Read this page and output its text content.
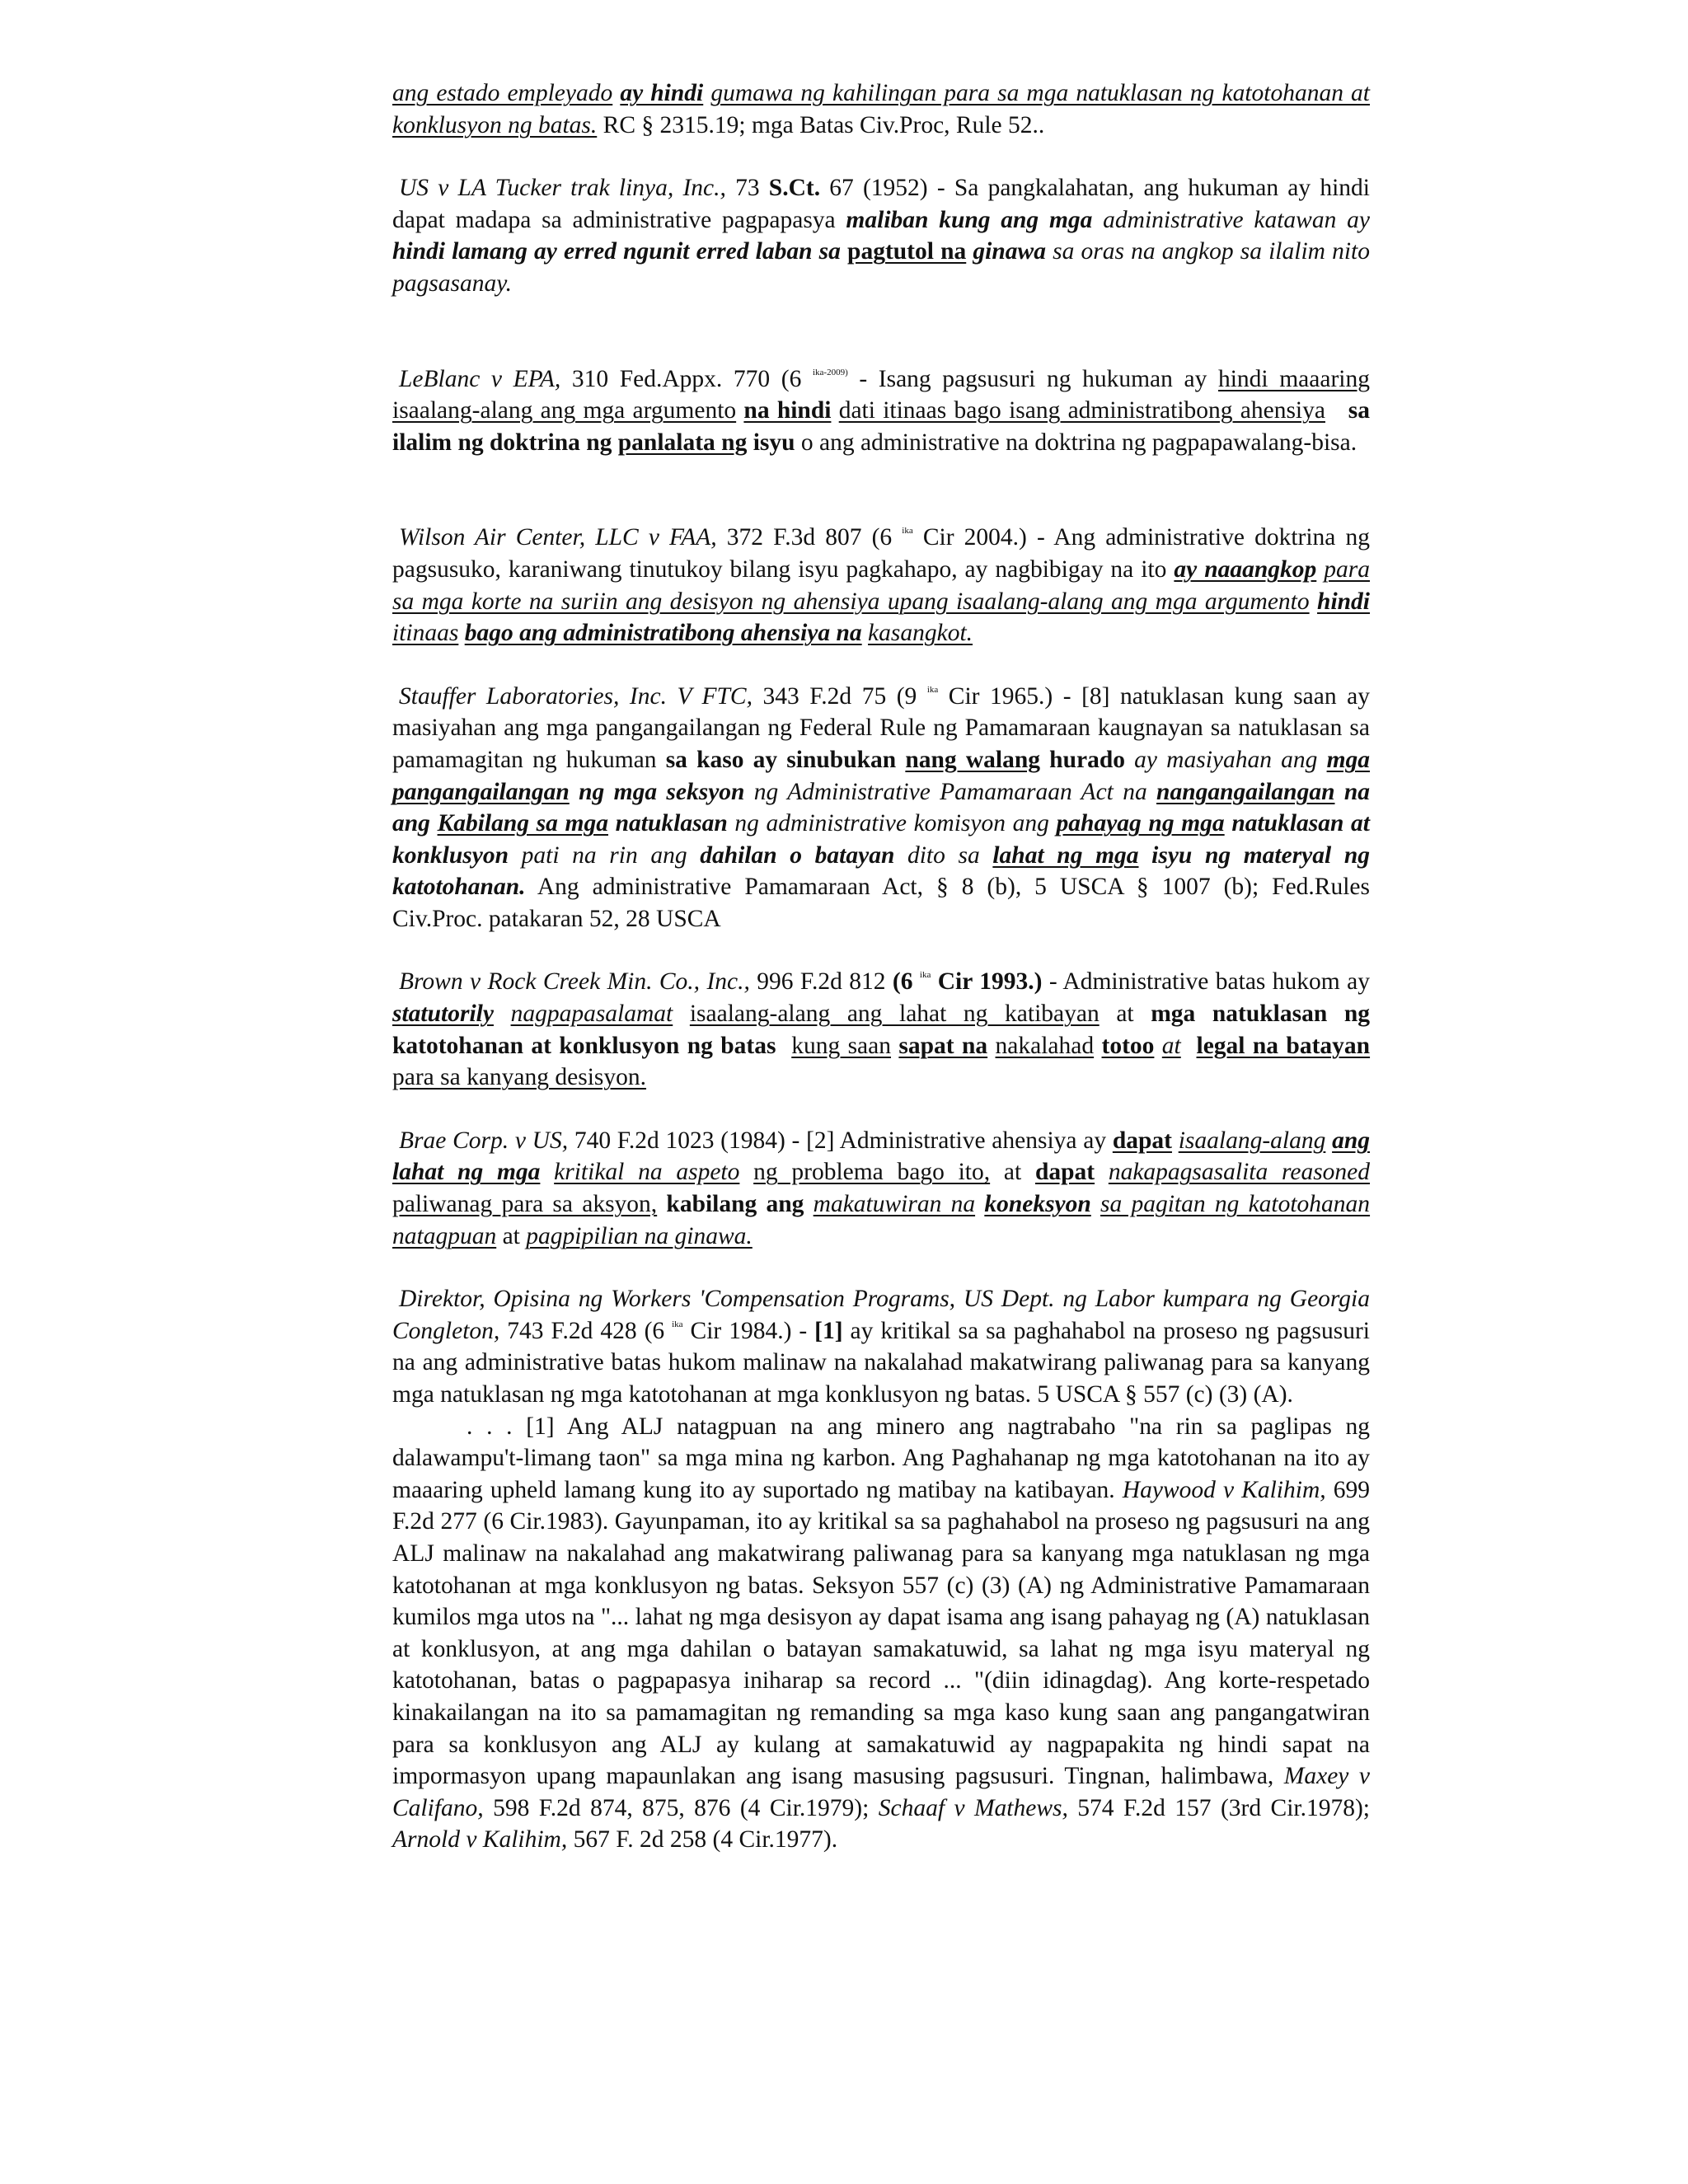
ang estado empleyado ay hindi gumawa ng kahilingan para sa mga natuklasan ng katotohanan at konklusyon ng batas. RC § 2315.19; mga Batas Civ.Proc, Rule 52..

US v LA Tucker trak linya, Inc., 73 S.Ct. 67 (1952) - Sa pangkalahatan, ang hukuman ay hindi dapat madapa sa administrative pagpapasya maliban kung ang mga administrative katawan ay hindi lamang ay erred ngunit erred laban sa pagtutol na ginawa sa oras na angkop sa ilalim nito pagsasanay.

LeBlanc v EPA, 310 Fed.Appx. 770 (6 $^{ika-2009)}$ - Isang pagsusuri ng hukuman ay hindi maaaring isaalang-alang ang mga argumento na hindi dati itinaas bago isang administratibong ahensiya sa ilalim ng doktrina ng panlalata ng isyu o ang administrative na doktrina ng pagpapawalang-bisa.

Wilson Air Center, LLC v FAA, 372 F.3d 807 (6 $^{ika}$ Cir 2004.) - Ang administrative doktrina ng pagsusuko, karaniwang tinutukoy bilang isyu pagkahapo, ay nagbibigay na ito ay naaangkop para sa mga korte na suriin ang desisyon ng ahensiya upang isaalang-alang ang mga argumento hindi itinaas bago ang administratibong ahensiya na kasangkot.

Stauffer Laboratories, Inc. V FTC, 343 F.2d 75 (9 $^{ika}$ Cir 1965.) - [8] natuklasan kung saan ay masiyahan ang mga pangangailangan ng Federal Rule ng Pamamaraan kaugnayan sa natuklasan sa pamamagitan ng hukuman sa kaso ay sinubukan nang walang hurado ay masiyahan ang mga pangangailangan ng mga seksyon ng Administrative Pamamaraan Act na nangangailangan na ang Kabilang sa mga natuklasan ng administrative komisyon ang pahayag ng mga natuklasan at konklusyon pati na rin ang dahilan o batayan dito sa lahat ng mga isyu ng materyal ng katotohanan. Ang administrative Pamamaraan Act, § 8 (b), 5 USCA § 1007 (b); Fed.Rules Civ.Proc. patakaran 52, 28 USCA

Brown v Rock Creek Min. Co., Inc., 996 F.2d 812 (6 $^{ika}$ Cir 1993.) - Administrative batas hukom ay statutorily nagpapasalamat isaalang-alang ang lahat ng katibayan at mga natuklasan ng katotohanan at konklusyon ng batas kung saan sapat na nakalahad totoo at legal na batayan para sa kanyang desisyon.

Brae Corp. v US, 740 F.2d 1023 (1984) - [2] Administrative ahensiya ay dapat isaalang-alang ang lahat ng mga kritikal na aspeto ng problema bago ito, at dapat nakapagsasalita reasoned paliwanag para sa aksyon, kabilang ang makatuwiran na koneksyon sa pagitan ng katotohanan natagpuan at pagpipilian na ginawa.

Direktor, Opisina ng Workers 'Compensation Programs, US Dept. ng Labor kumpara ng Georgia Congleton, 743 F.2d 428 (6 $^{ika}$ Cir 1984.) - [1] ay kritikal sa sa paghahabol na proseso ng pagsusuri na ang administrative batas hukom malinaw na nakalahad makatwirang paliwanag para sa kanyang mga natuklasan ng mga katotohanan at mga konklusyon ng batas. 5 USCA § 557 (c) (3) (A).

. . . [1] Ang ALJ natagpuan na ang minero ang nagtrabaho "na rin sa paglipas ng dalawampu't-limang taon" sa mga mina ng karbon. Ang Paghahanap ng mga katotohanan na ito ay maaaring upheld lamang kung ito ay suportado ng matibay na katibayan. Haywood v Kalihim, 699 F.2d 277 (6 Cir.1983). Gayunpaman, ito ay kritikal sa sa paghahabol na proseso ng pagsusuri na ang ALJ malinaw na nakalahad ang makatwirang paliwanag para sa kanyang mga natuklasan ng mga katotohanan at mga konklusyon ng batas. Seksyon 557 (c) (3) (A) ng Administrative Pamamaraan kumilos mga utos na "... lahat ng mga desisyon ay dapat isama ang isang pahayag ng (A) natuklasan at konklusyon, at ang mga dahilan o batayan samakatuwid, sa lahat ng mga isyu materyal ng katotohanan, batas o pagpapasya iniharap sa record ... "(diin idinagdag). Ang korte-respetado kinakailangan na ito sa pamamagitan ng remanding sa mga kaso kung saan ang pangangatwiran para sa konklusyon ang ALJ ay kulang at samakatuwid ay nagpapakita ng hindi sapat na impormasyon upang mapaunlakan ang isang masusing pagsusuri. Tingnan, halimbawa, Maxey v Califano, 598 F.2d 874, 875, 876 (4 Cir.1979); Schaaf v Mathews, 574 F.2d 157 (3rd Cir.1978); Arnold v Kalihim, 567 F. 2d 258 (4 Cir.1977).
